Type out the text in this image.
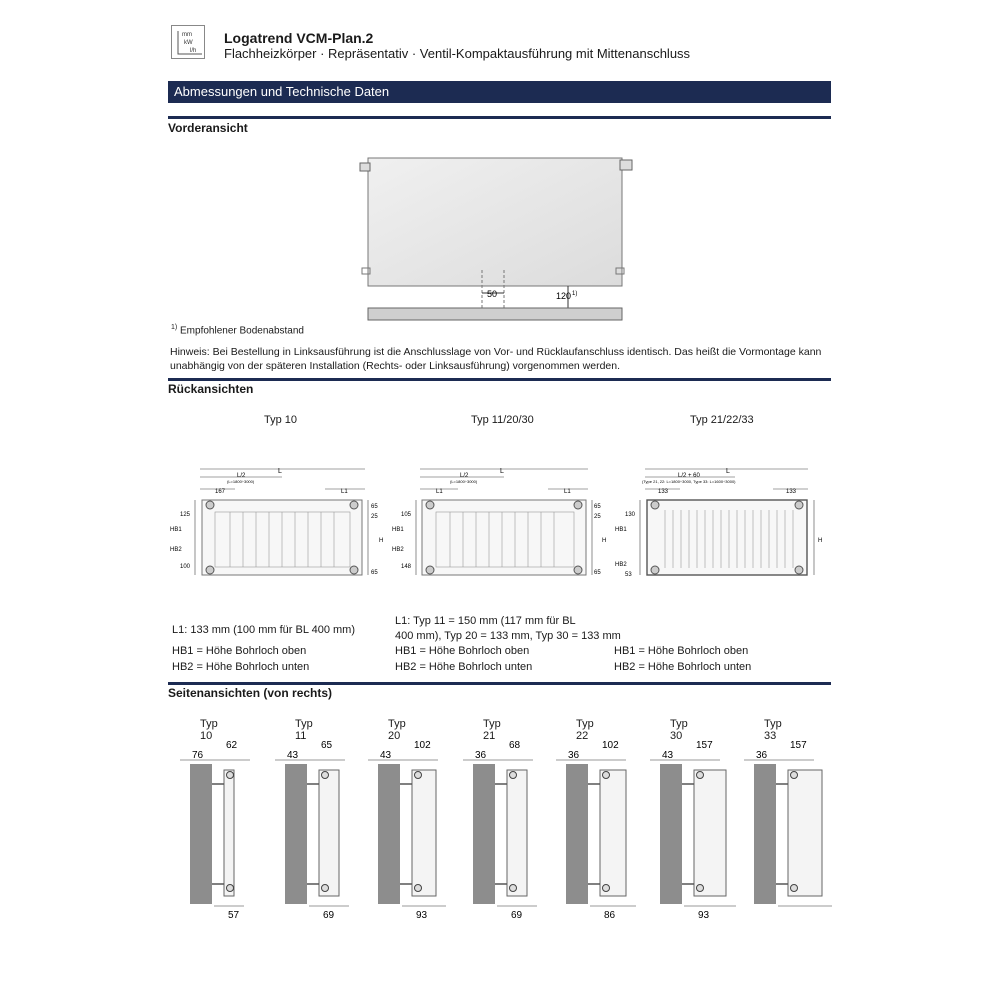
mm
kW
l/h
Logatrend VCM-Plan.2
Flachheizkörper · Repräsentativ · Ventil-Kompaktausführung mit Mittenanschluss
Abmessungen und Technische Daten
Vorderansicht
50	120 1)
$^{1)}$ Empfohlener Bodenabstand
Hinweis: Bei Bestellung in Linksausführung ist die Anschlusslage von Vor- und Rücklaufanschluss identisch. Das heißt die Vormontage kann unabhängig von der späteren Installation (Rechts- oder Linksausführung) vorgenommen werden.
Rückansichten
Typ 10	Typ 11/20/30	Typ 21/22/33
L
L/2
(L=1800÷3000)
167	L1
125
HB1
HB2
100
65
25
H
65
L
L/2
(L=1800÷3000)
L1	L1
105
HB1
HB2
148
65
25
H
65
L
L/2 + 60
(Type 21, 22: L=1800÷3000, Type 33: L=1600÷3000)
133	133
130
HB1
HB2
53
H
L1: 133 mm (100 mm für BL 400 mm)
L1: Typ 11 = 150 mm (117 mm für BL
400 mm), Typ 20 = 133 mm, Typ 30 = 133 mm
HB1 = Höhe Bohrloch oben
HB2 = Höhe Bohrloch unten
HB1 = Höhe Bohrloch oben
HB2 = Höhe Bohrloch unten
HB1 = Höhe Bohrloch oben
HB2 = Höhe Bohrloch unten
Seitenansichten (von rechts)
Typ 10
76
62
57
Typ 11
43
65
69
Typ 20
43
102
93
Typ 21
36
68
69
Typ 22
36
102
86
Typ 30
43
157
93
Typ 33
36
157
